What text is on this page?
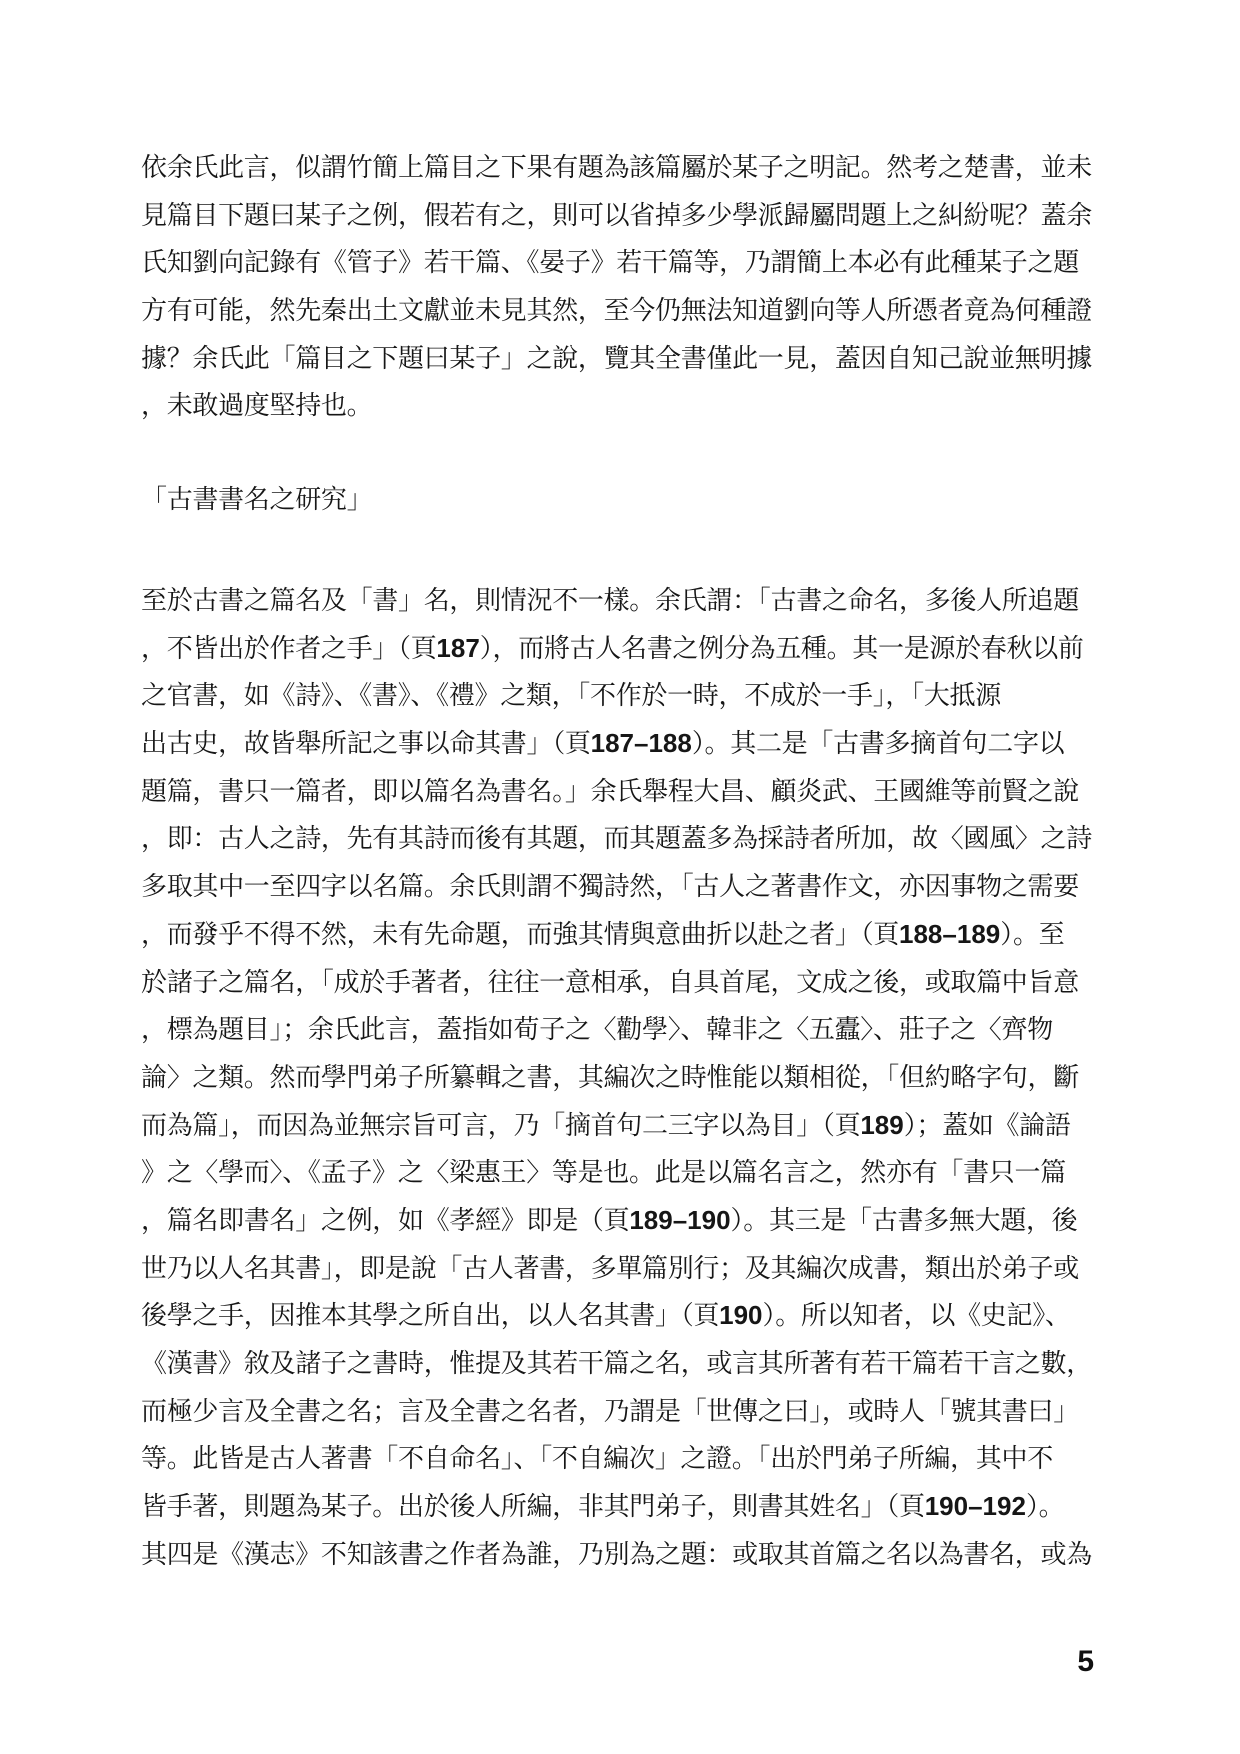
依余氏此言，似謂竹簡上篇目之下果有題為該篇屬於某子之明記。然考之楚書，並未
見篇目下題曰某子之例，假若有之，則可以省掉多少學派歸屬問題上之糾紛呢？蓋余
氏知劉向記錄有《管子》若干篇、《晏子》若干篇等，乃謂簡上本必有此種某子之題
方有可能，然先秦出土文獻並未見其然，至今仍無法知道劉向等人所憑者竟為何種證
據？余氏此「篇目之下題曰某子」之說，覽其全書僅此一見，蓋因自知己說並無明據
，未敢過度堅持也。
「古書書名之研究」
至於古書之篇名及「書」名，則情況不一樣。余氏謂：「古書之命名，多後人所追題
，不皆出於作者之手」（頁187），而將古人名書之例分為五種。其一是源於春秋以前
之官書，如《詩》、《書》、《禮》之類，「不作於一時，不成於一手」，「大抵源
出古史，故皆舉所記之事以命其書」（頁187–188）。其二是「古書多摘首句二字以
題篇，書只一篇者，即以篇名為書名。」余氏舉程大昌、顧炎武、王國維等前賢之說
，即：古人之詩，先有其詩而後有其題，而其題蓋多為採詩者所加，故〈國風〉之詩
多取其中一至四字以名篇。余氏則謂不獨詩然，「古人之著書作文，亦因事物之需要
，而發乎不得不然，未有先命題，而強其情與意曲折以赴之者」（頁188–189）。至
於諸子之篇名，「成於手著者，往往一意相承，自具首尾，文成之後，或取篇中旨意
，標為題目」；余氏此言，蓋指如荀子之〈勸學〉、韓非之〈五蠹〉、莊子之〈齊物
論〉之類。然而學門弟子所纂輯之書，其編次之時惟能以類相從，「但約略字句，斷
而為篇」，而因為並無宗旨可言，乃「摘首句二三字以為目」（頁189）；蓋如《論語
》之〈學而〉、《孟子》之〈梁惠王〉等是也。此是以篇名言之，然亦有「書只一篇
，篇名即書名」之例，如《孝經》即是（頁189–190）。其三是「古書多無大題，後
世乃以人名其書」，即是說「古人著書，多單篇別行；及其編次成書，類出於弟子或
後學之手，因推本其學之所自出，以人名其書」（頁190）。所以知者，以《史記》、
《漢書》敘及諸子之書時，惟提及其若干篇之名，或言其所著有若干篇若干言之數，
而極少言及全書之名；言及全書之名者，乃謂是「世傳之曰」，或時人「號其書曰」
等。此皆是古人著書「不自命名」、「不自編次」之證。「出於門弟子所編，其中不
皆手著，則題為某子。出於後人所編，非其門弟子，則書其姓名」（頁190–192）。
其四是《漢志》不知該書之作者為誰，乃別為之題：或取其首篇之名以為書名，或為
5
